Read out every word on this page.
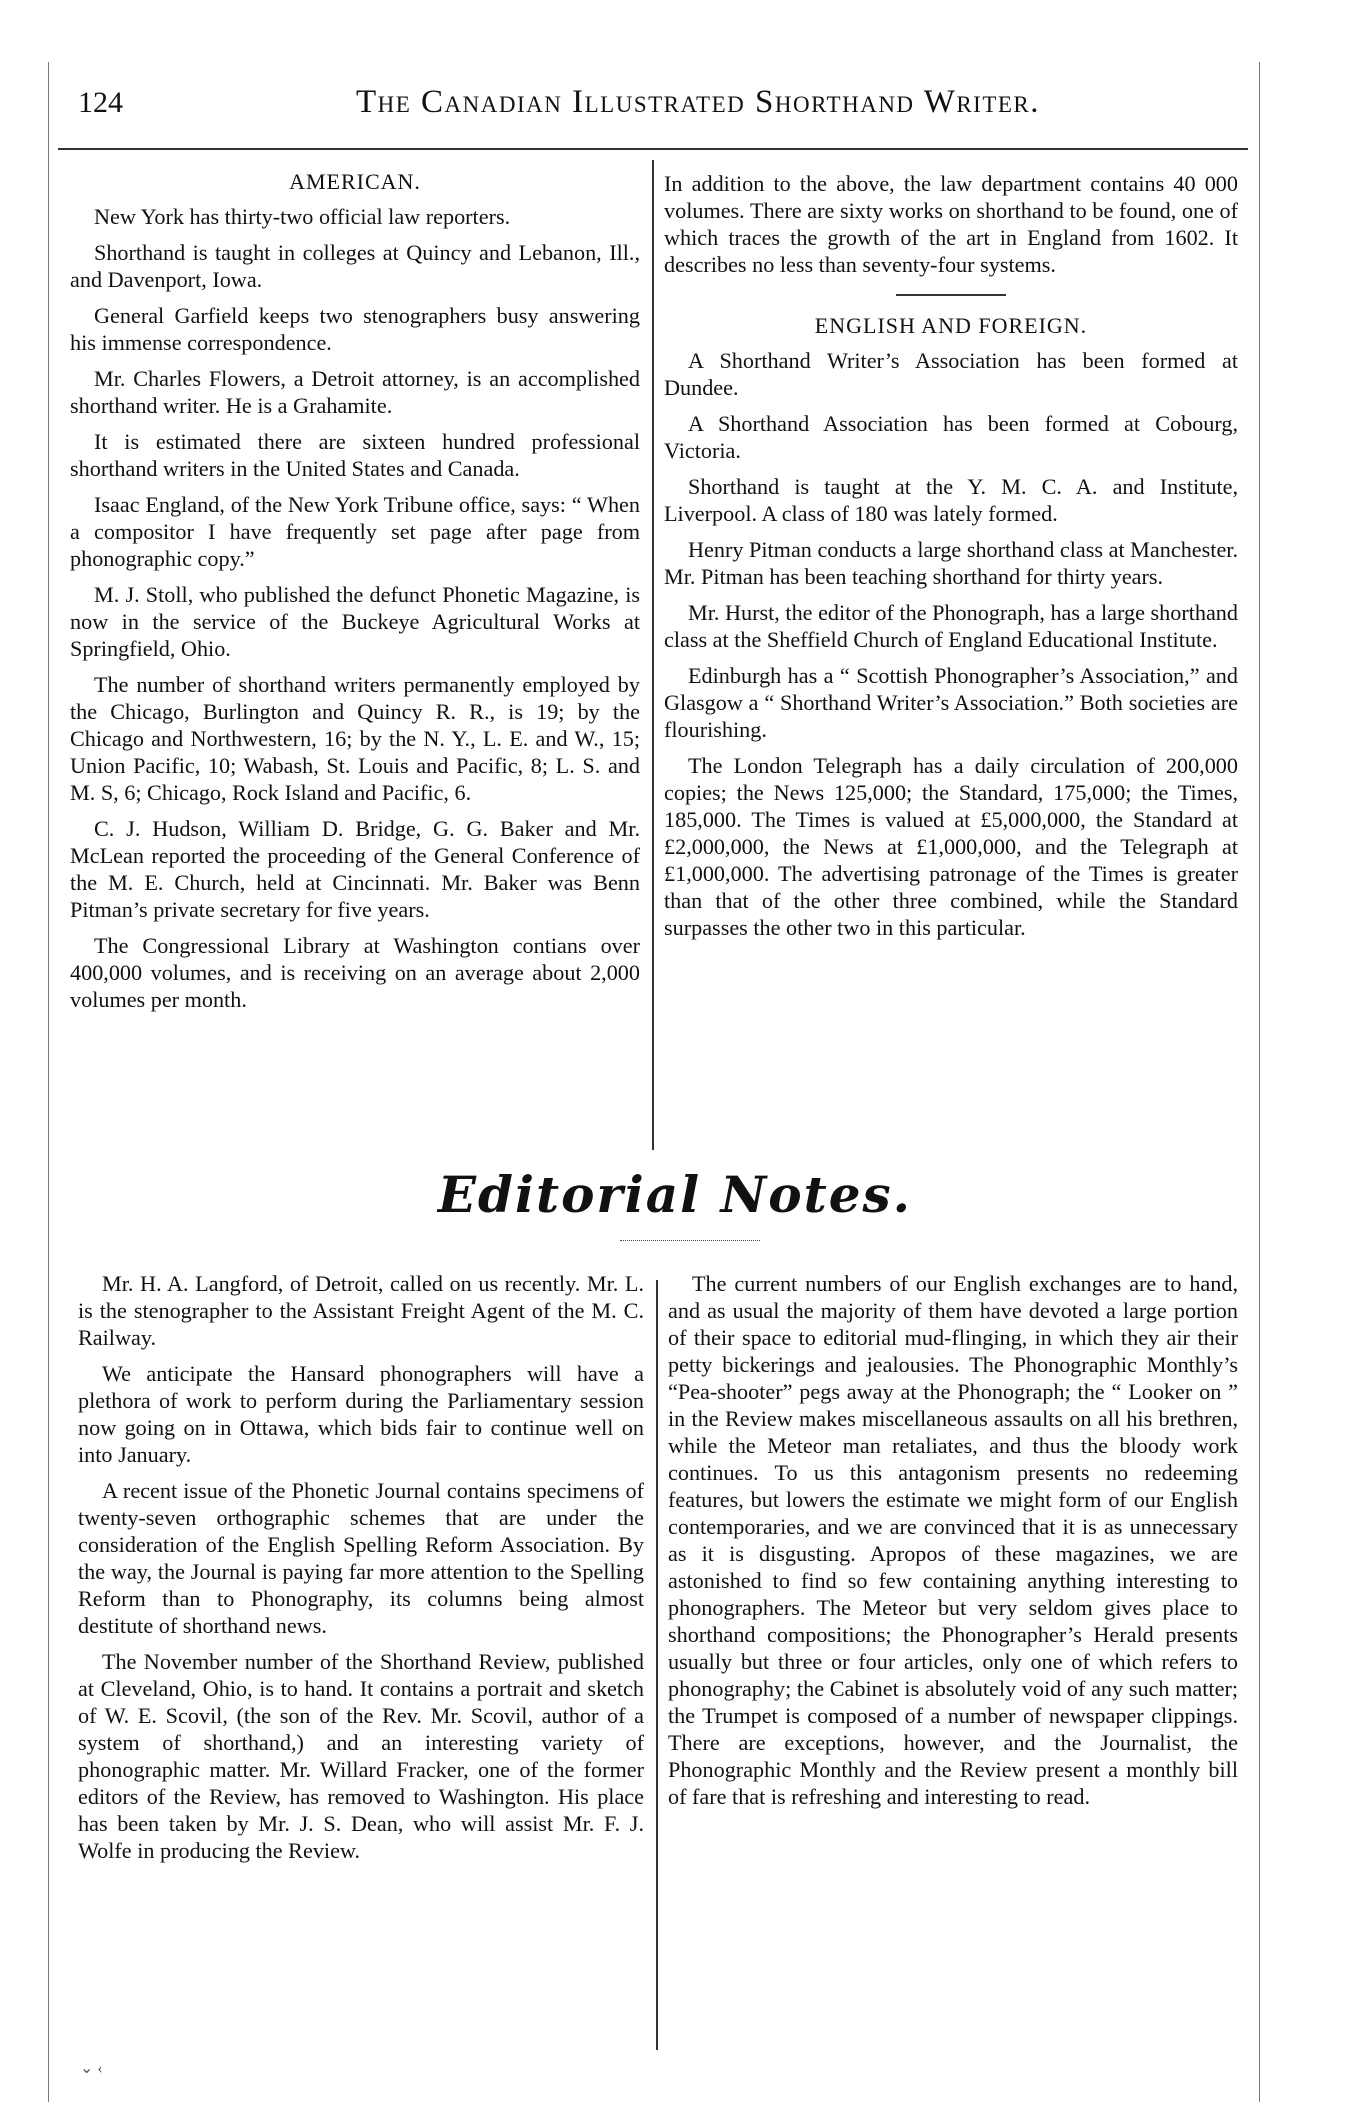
124	The Canadian Illustrated Shorthand Writer.

AMERICAN.

New York has thirty-two official law reporters.

Shorthand is taught in colleges at Quincy and Lebanon, Ill., and Davenport, Iowa.

General Garfield keeps two stenographers busy answering his immense correspondence.

Mr. Charles Flowers, a Detroit attorney, is an accomplished shorthand writer. He is a Grahamite.

It is estimated there are sixteen hundred professional shorthand writers in the United States and Canada.

Isaac England, of the New York Tribune office, says: “ When a compositor I have frequently set page after page from phonographic copy.”

M. J. Stoll, who published the defunct Phonetic Magazine, is now in the service of the Buckeye Agricultural Works at Springfield, Ohio.

The number of shorthand writers permanently employed by the Chicago, Burlington and Quincy R. R., is 19; by the Chicago and Northwestern, 16; by the N. Y., L. E. and W., 15; Union Pacific, 10; Wabash, St. Louis and Pacific, 8; L. S. and M. S, 6; Chicago, Rock Island and Pacific, 6.

C. J. Hudson, William D. Bridge, G. G. Baker and Mr. McLean reported the proceeding of the General Conference of the M. E. Church, held at Cincinnati. Mr. Baker was Benn Pitman’s private secretary for five years.

The Congressional Library at Washington contians over 400,000 volumes, and is receiving on an average about 2,000 volumes per month.

In addition to the above, the law department contains 40 000 volumes. There are sixty works on shorthand to be found, one of which traces the growth of the art in England from 1602. It describes no less than seventy-four systems.

ENGLISH AND FOREIGN.

A Shorthand Writer’s Association has been formed at Dundee.

A Shorthand Association has been formed at Cobourg, Victoria.

Shorthand is taught at the Y. M. C. A. and Institute, Liverpool. A class of 180 was lately formed.

Henry Pitman conducts a large shorthand class at Manchester. Mr. Pitman has been teaching shorthand for thirty years.

Mr. Hurst, the editor of the Phonograph, has a large shorthand class at the Sheffield Church of England Educational Institute.

Edinburgh has a “ Scottish Phonographer’s Association,” and Glasgow a “ Shorthand Writer’s Association.” Both societies are flourishing.

The London Telegraph has a daily circulation of 200,000 copies; the News 125,000; the Standard, 175,000; the Times, 185,000. The Times is valued at £5,000,000, the Standard at £2,000,000, the News at £1,000,000, and the Telegraph at £1,000,000. The advertising patronage of the Times is greater than that of the other three combined, while the Standard surpasses the other two in this particular.

Editorial Notes.

Mr. H. A. Langford, of Detroit, called on us recently. Mr. L. is the stenographer to the Assistant Freight Agent of the M. C. Railway.

We anticipate the Hansard phonographers will have a plethora of work to perform during the Parliamentary session now going on in Ottawa, which bids fair to continue well on into January.

A recent issue of the Phonetic Journal contains specimens of twenty-seven orthographic schemes that are under the consideration of the English Spelling Reform Association. By the way, the Journal is paying far more attention to the Spelling Reform than to Phonography, its columns being almost destitute of shorthand news.

The November number of the Shorthand Review, published at Cleveland, Ohio, is to hand. It contains a portrait and sketch of W. E. Scovil, (the son of the Rev. Mr. Scovil, author of a system of shorthand,) and an interesting variety of phonographic matter. Mr. Willard Fracker, one of the former editors of the Review, has removed to Washington. His place has been taken by Mr. J. S. Dean, who will assist Mr. F. J. Wolfe in producing the Review.

The current numbers of our English exchanges are to hand, and as usual the majority of them have devoted a large portion of their space to editorial mud-flinging, in which they air their petty bickerings and jealousies. The Phonographic Monthly’s “Pea-shooter” pegs away at the Phonograph; the “ Looker on ” in the Review makes miscellaneous assaults on all his brethren, while the Meteor man retaliates, and thus the bloody work continues. To us this antagonism presents no redeeming features, but lowers the estimate we might form of our English contemporaries, and we are convinced that it is as unnecessary as it is disgusting. Apropos of these magazines, we are astonished to find so few containing anything interesting to phonographers. The Meteor but very seldom gives place to shorthand compositions; the Phonographer’s Herald presents usually but three or four articles, only one of which refers to phonography; the Cabinet is absolutely void of any such matter; the Trumpet is composed of a number of newspaper clippings. There are exceptions, however, and the Journalist, the Phonographic Monthly and the Review present a monthly bill of fare that is refreshing and interesting to read.

⌄ ‹
